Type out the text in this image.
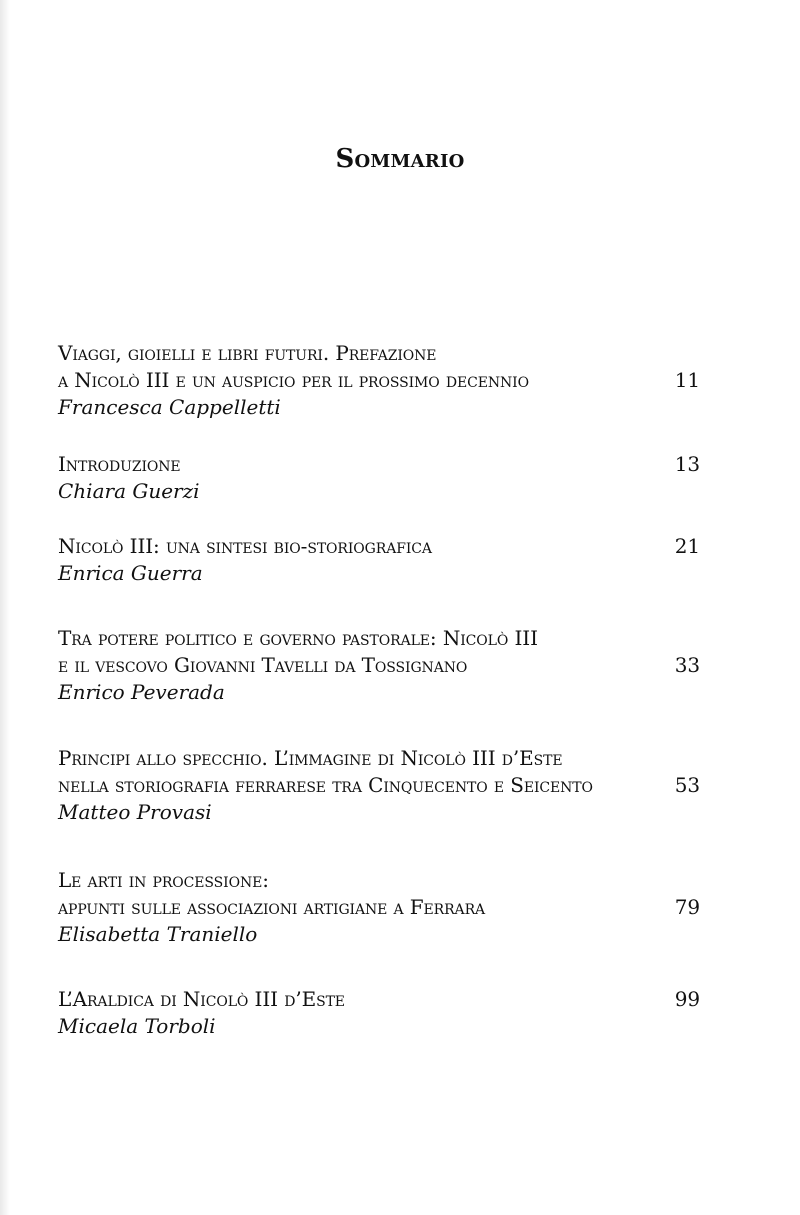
Sommario
Viaggi, gioielli e libri futuri. Prefazione
a Nicolò III e un auspicio per il prossimo decennio	11
Francesca Cappelletti
Introduzione	13
Chiara Guerzi
Nicolò III: una sintesi bio-storiografica	21
Enrica Guerra
Tra potere politico e governo pastorale: Nicolò III
e il vescovo Giovanni Tavelli da Tossignano	33
Enrico Peverada
Principi allo specchio. L’immagine di Nicolò III d’Este
nella storiografia ferrarese tra Cinquecento e Seicento	53
Matteo Provasi
Le arti in processione:
appunti sulle associazioni artigiane a Ferrara	79
Elisabetta Traniello
L’Araldica di Nicolò III d’Este	99
Micaela Torboli
